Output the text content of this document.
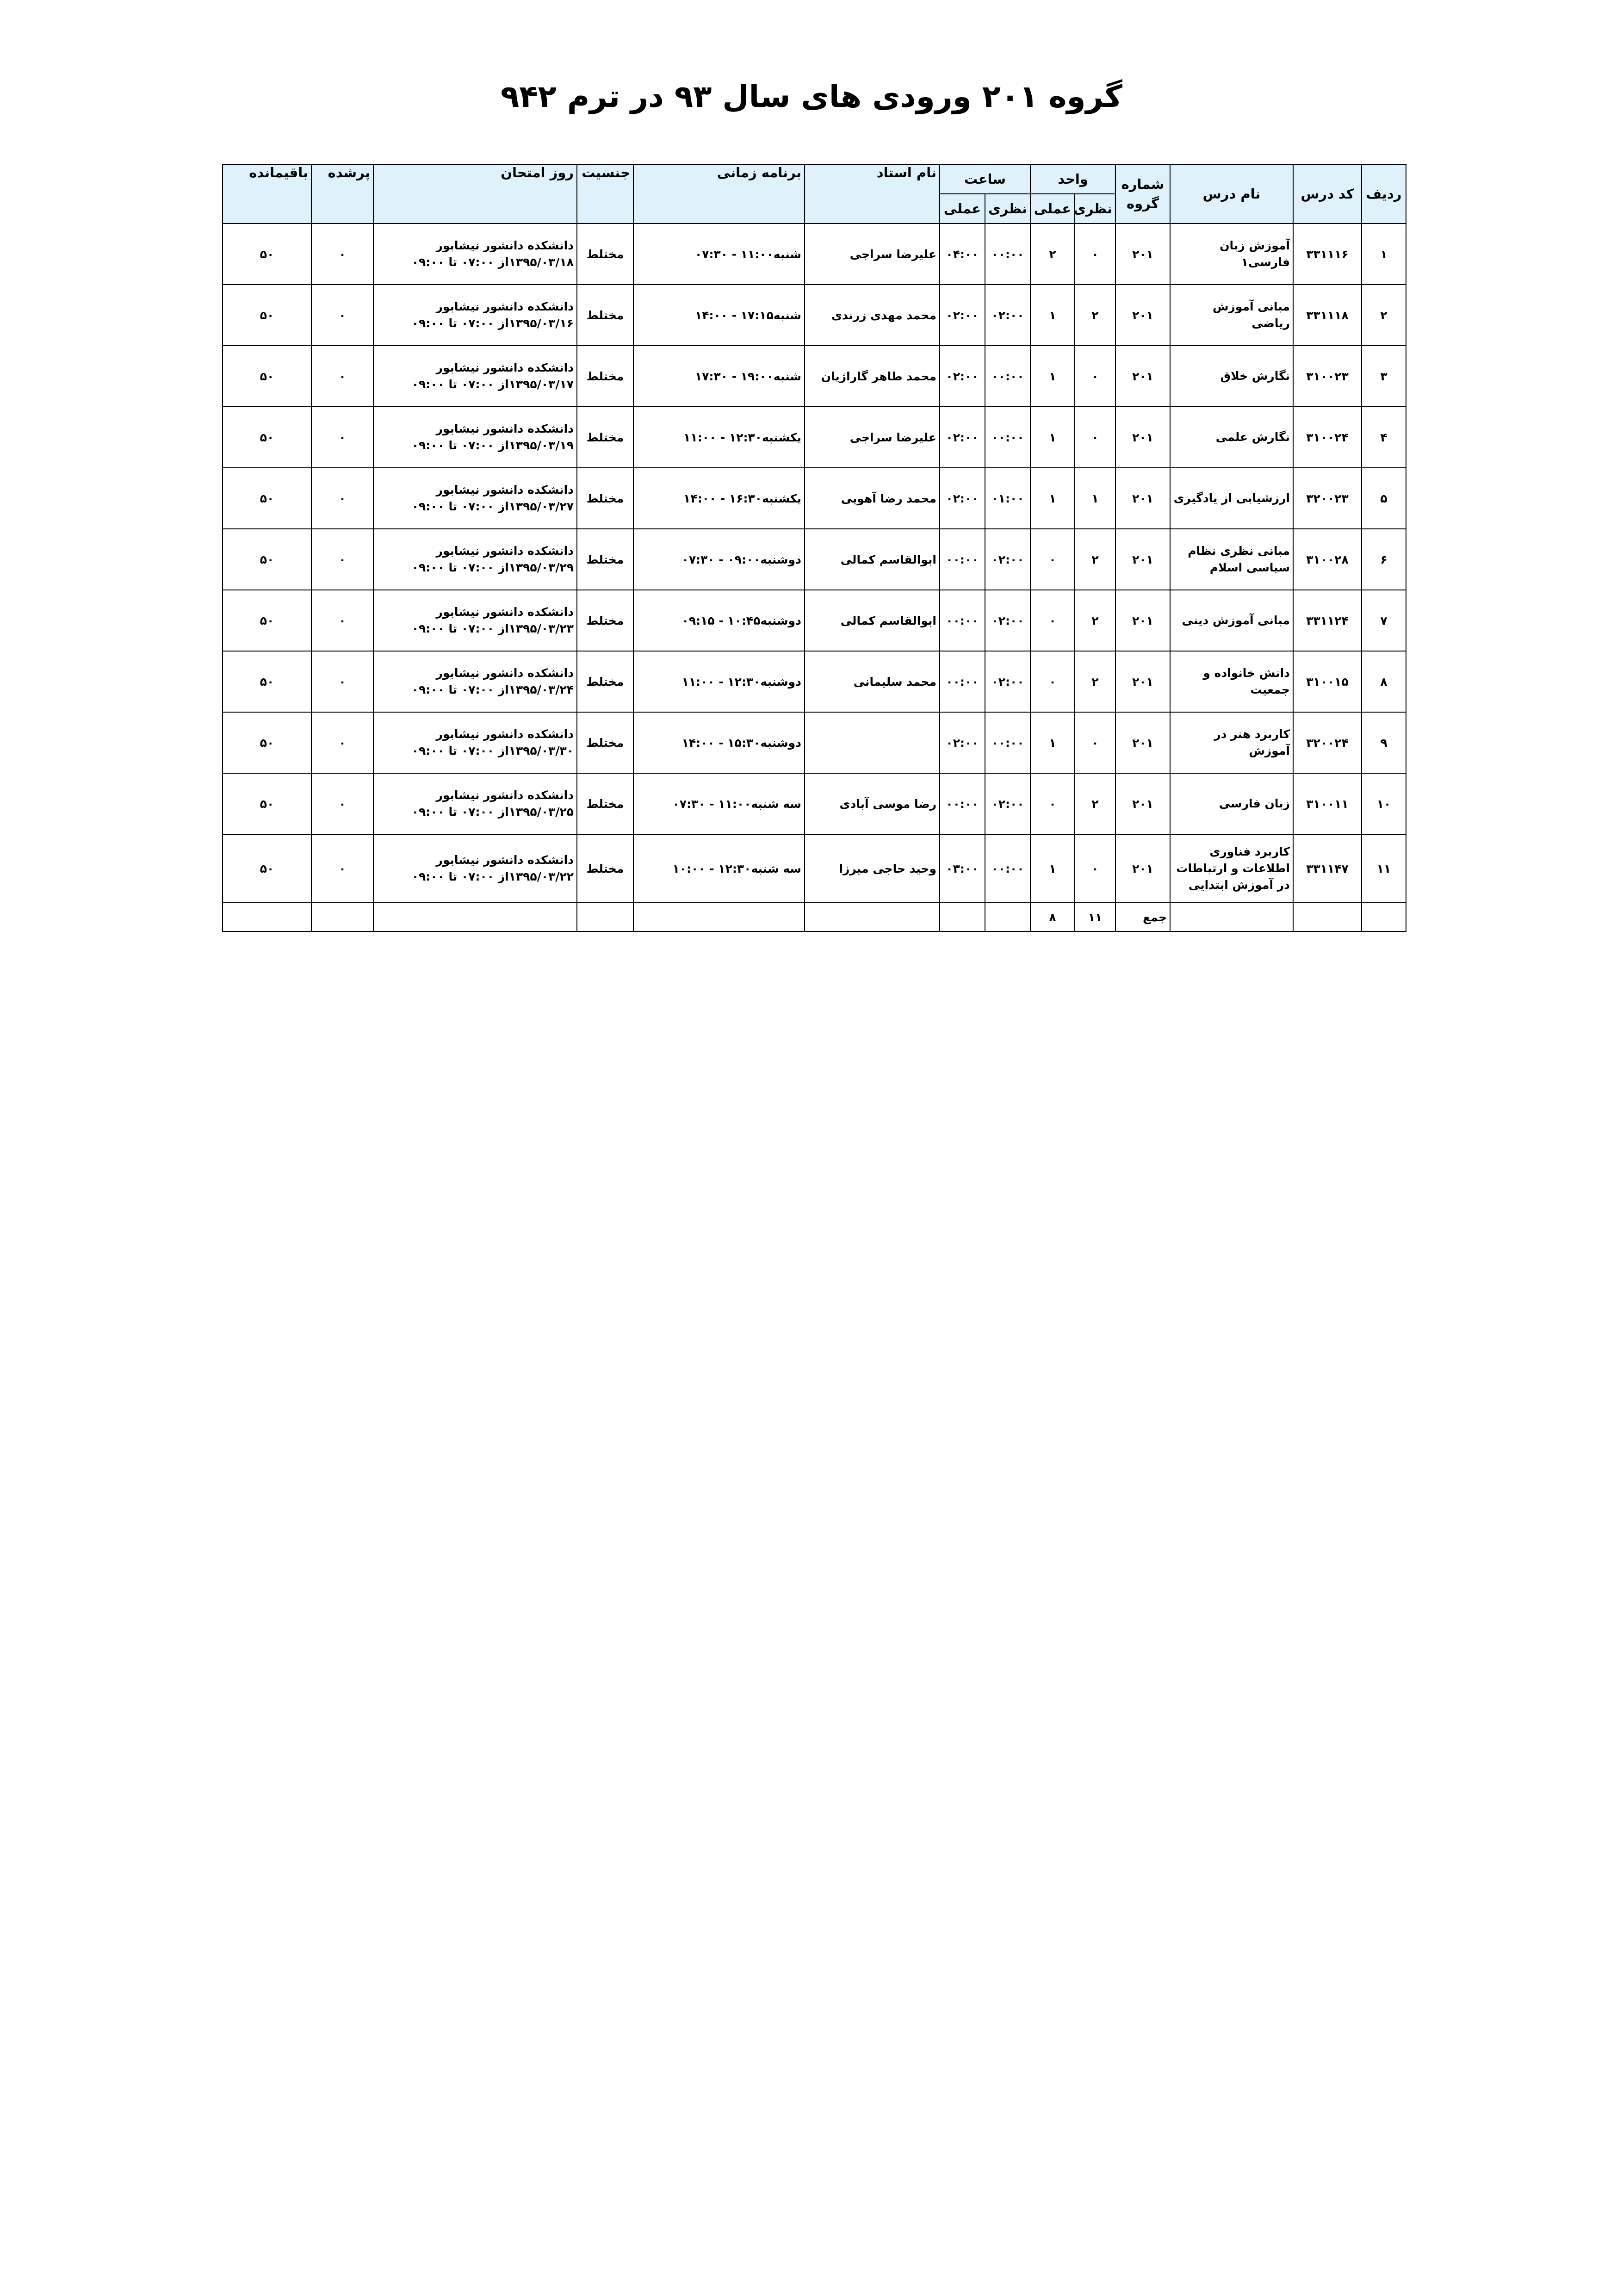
گروه ۲۰۱ ورودی های سال ۹۳ در ترم ۹۴۲
ردیف	کد درس	نام درس	شماره گروه	واحد		ساعت		نام استاد	برنامه زمانی	جنسیت	روز امتحان	پرشده	باقیمانده
				نظری	عملی	نظری	عملی						
۱	۳۳۱۱۱۶	آموزش زبان فارسی۱	۲۰۱	۰	۲	۰۰:۰۰	۰۴:۰۰	علیرضا سراجی	شنبه۱۱:۰۰ - ۰۷:۳۰	مختلط	دانشکده دانشور نیشابور ۱۳۹۵/۰۳/۱۸از ۰۷:۰۰ تا ۰۹:۰۰	۰	۵۰
۲	۳۳۱۱۱۸	مبانی آموزش ریاضی	۲۰۱	۲	۱	۰۲:۰۰	۰۲:۰۰	محمد مهدی زرندی	شنبه۱۷:۱۵ - ۱۴:۰۰	مختلط	دانشکده دانشور نیشابور ۱۳۹۵/۰۳/۱۶از ۰۷:۰۰ تا ۰۹:۰۰	۰	۵۰
۳	۳۱۰۰۲۳	نگارش خلاق	۲۰۱	۰	۱	۰۰:۰۰	۰۲:۰۰	محمد طاهر گاراژیان	شنبه۱۹:۰۰ - ۱۷:۳۰	مختلط	دانشکده دانشور نیشابور ۱۳۹۵/۰۳/۱۷از ۰۷:۰۰ تا ۰۹:۰۰	۰	۵۰
۴	۳۱۰۰۲۴	نگارش علمی	۲۰۱	۰	۱	۰۰:۰۰	۰۲:۰۰	علیرضا سراجی	یکشنبه۱۲:۳۰ - ۱۱:۰۰	مختلط	دانشکده دانشور نیشابور ۱۳۹۵/۰۳/۱۹از ۰۷:۰۰ تا ۰۹:۰۰	۰	۵۰
۵	۳۲۰۰۲۳	ارزشیابی از یادگیری	۲۰۱	۱	۱	۰۱:۰۰	۰۲:۰۰	محمد رضا آهویی	یکشنبه۱۶:۳۰ - ۱۴:۰۰	مختلط	دانشکده دانشور نیشابور ۱۳۹۵/۰۳/۲۷از ۰۷:۰۰ تا ۰۹:۰۰	۰	۵۰
۶	۳۱۰۰۲۸	مبانی نظری نظام سیاسی اسلام	۲۰۱	۲	۰	۰۲:۰۰	۰۰:۰۰	ابوالقاسم کمالی	دوشنبه۰۹:۰۰ - ۰۷:۳۰	مختلط	دانشکده دانشور نیشابور ۱۳۹۵/۰۳/۲۹از ۰۷:۰۰ تا ۰۹:۰۰	۰	۵۰
۷	۳۳۱۱۲۴	مبانی آموزش دینی	۲۰۱	۲	۰	۰۲:۰۰	۰۰:۰۰	ابوالقاسم کمالی	دوشنبه۱۰:۴۵ - ۰۹:۱۵	مختلط	دانشکده دانشور نیشابور ۱۳۹۵/۰۳/۲۳از ۰۷:۰۰ تا ۰۹:۰۰	۰	۵۰
۸	۳۱۰۰۱۵	دانش خانواده و جمعیت	۲۰۱	۲	۰	۰۲:۰۰	۰۰:۰۰	محمد سلیمانی	دوشنبه۱۲:۳۰ - ۱۱:۰۰	مختلط	دانشکده دانشور نیشابور ۱۳۹۵/۰۳/۲۴از ۰۷:۰۰ تا ۰۹:۰۰	۰	۵۰
۹	۳۲۰۰۲۴	کاربرد هنر در آموزش	۲۰۱	۰	۱	۰۰:۰۰	۰۲:۰۰		دوشنبه۱۵:۳۰ - ۱۴:۰۰	مختلط	دانشکده دانشور نیشابور ۱۳۹۵/۰۳/۳۰از ۰۷:۰۰ تا ۰۹:۰۰	۰	۵۰
۱۰	۳۱۰۰۱۱	زبان فارسی	۲۰۱	۲	۰	۰۲:۰۰	۰۰:۰۰	رضا موسی آبادی	سه شنبه۱۱:۰۰ - ۰۷:۳۰	مختلط	دانشکده دانشور نیشابور ۱۳۹۵/۰۳/۲۵از ۰۷:۰۰ تا ۰۹:۰۰	۰	۵۰
۱۱	۳۳۱۱۴۷	کاربرد فناوری اطلاعات و ارتباطات در آموزش ابتدایی	۲۰۱	۰	۱	۰۰:۰۰	۰۳:۰۰	وحید حاجی میرزا	سه شنبه۱۲:۳۰ - ۱۰:۰۰	مختلط	دانشکده دانشور نیشابور ۱۳۹۵/۰۳/۲۲از ۰۷:۰۰ تا ۰۹:۰۰	۰	۵۰
			جمع	۱۱	۸								
